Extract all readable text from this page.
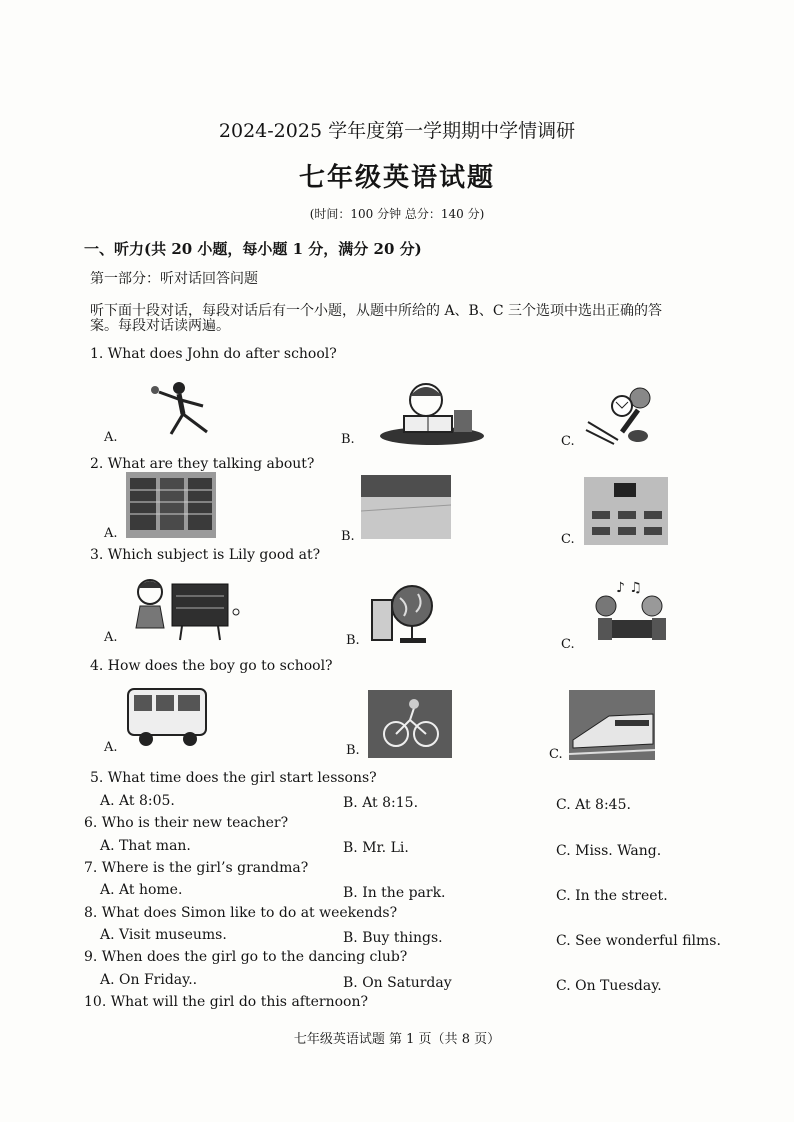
2024-2025 学年度第一学期期中学情调研
七年级英语试题
(时间：100 分钟 总分：140 分)
一、听力(共 20 小题，每小题 1 分，满分 20 分)
第一部分：听对话回答问题
听下面十段对话，每段对话后有一个小题，从题中所给的 A、B、C 三个选项中选出正确的答
案。每段对话读两遍。
1. What does John do after school?
A.	B.	C.
2. What are they talking about?
A.	B.	C.
3. Which subject is Lily good at?
A.	B.	C.
♪ ♫
4. How does the boy go to school?
A.	B.	C.
5. What time does the girl start lessons?
A. At 8:05.	B. At 8:15.	C. At 8:45.
6. Who is their new teacher?
A. That man.	B. Mr. Li.	C. Miss. Wang.
7. Where is the girl’s grandma?
A. At home.	B. In the park.	C. In the street.
8. What does Simon like to do at weekends?
A. Visit museums.	B. Buy things.	C. See wonderful films.
9. When does the girl go to the dancing club?
A. On Friday..	B. On Saturday	C. On Tuesday.
10. What will the girl do this afternoon?
七年级英语试题 第 1 页（共 8 页）
